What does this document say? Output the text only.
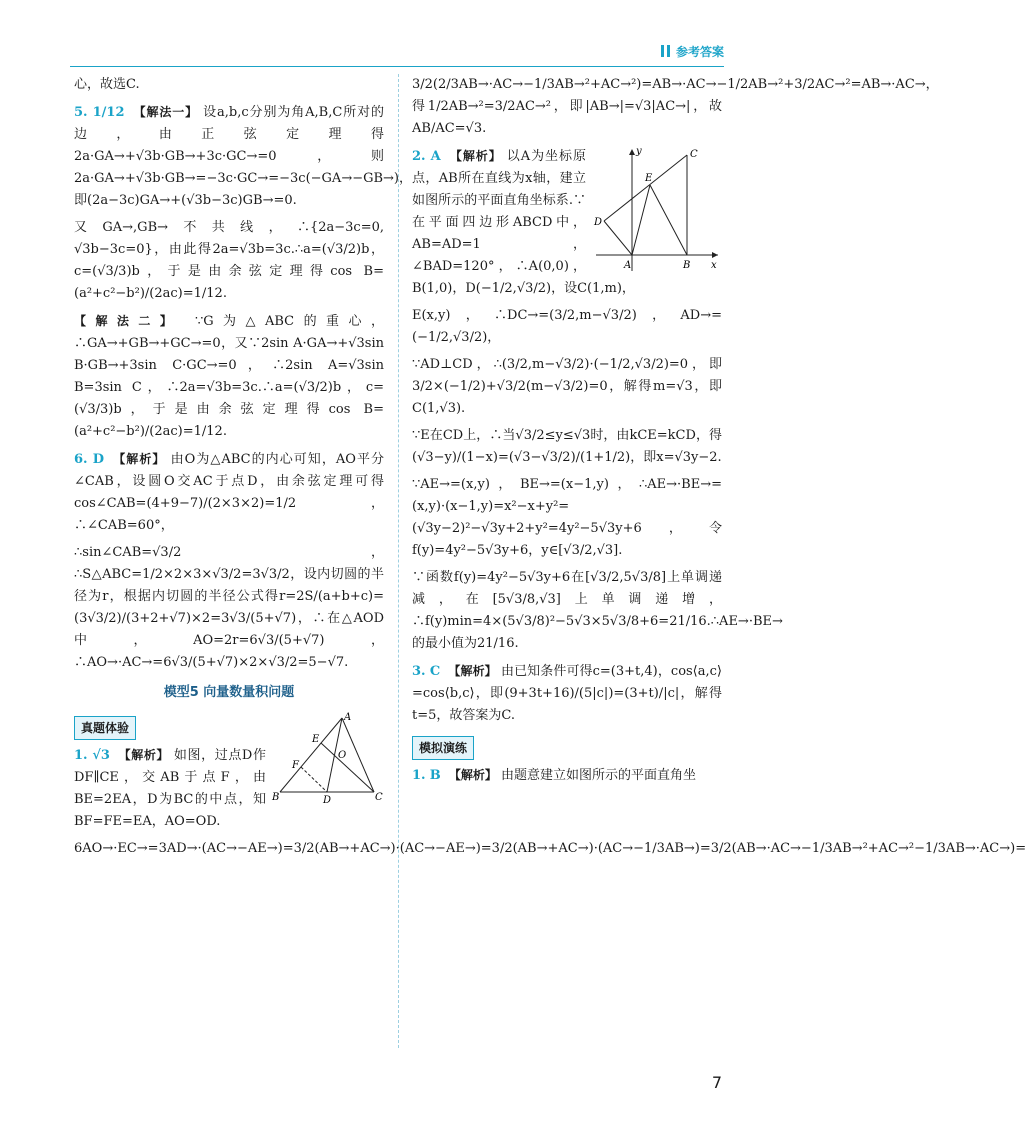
参考答案

心，故选C.

5. 1/12 【解法一】 设a,b,c分别为角A,B,C所对的边，由正弦定理得2a·GA→+√3b·GB→+3c·GC→=0，则2a·GA→+√3b·GB→=−3c·GC→=−3c(−GA→−GB→)，即(2a−3c)GA→+(√3b−3c)GB→=0.

又GA→,GB→不共线，∴{2a−3c=0, √3b−3c=0}，由此得2a=√3b=3c.∴a=(√3/2)b，c=(√3/3)b，于是由余弦定理得cos B=(a²+c²−b²)/(2ac)=1/12.

【解法二】 ∵G为△ABC的重心，∴GA→+GB→+GC→=0，又∵2sin A·GA→+√3sin B·GB→+3sin C·GC→=0，∴2sin A=√3sin B=3sin C，∴2a=√3b=3c.∴a=(√3/2)b，c=(√3/3)b，于是由余弦定理得cos B=(a²+c²−b²)/(2ac)=1/12.

6. D 【解析】 由O为△ABC的内心可知，AO平分∠CAB，设圆O交AC于点D，由余弦定理可得cos∠CAB=(4+9−7)/(2×3×2)=1/2，∴∠CAB=60°，

∴sin∠CAB=√3/2，∴S△ABC=1/2×2×3×√3/2=3√3/2，设内切圆的半径为r，根据内切圆的半径公式得r=2S/(a+b+c)=(3√3/2)/(3+2+√7)×2=3√3/(5+√7)，∴在△AOD中，AO=2r=6√3/(5+√7)，∴AO→·AC→=6√3/(5+√7)×2×√3/2=5−√7.

模型5 向量数量积问题
真题体验
A
B	C
D
E
F
O

1. √3 【解析】 如图，过点D作DF∥CE，交AB于点F，由BE=2EA，D为BC的中点，知BF=FE=EA，AO=OD.

6AO→·EC→=3AD→·(AC→−AE→)=3/2(AB→+AC→)·(AC→−AE→)=3/2(AB→+AC→)·(AC→−1/3AB→)=3/2(AB→·AC→−1/3AB→²+AC→²−1/3AB→·AC→)=

3/2(2/3AB→·AC→−1/3AB→²+AC→²)=AB→·AC→−1/2AB→²+3/2AC→²=AB→·AC→，得1/2AB→²=3/2AC→²，即|AB→|=√3|AC→|，故AB/AC=√3.

y
x
C
E
D
A	B

2. A 【解析】 以A为坐标原点，AB所在直线为x轴，建立如图所示的平面直角坐标系.∵在平面四边形ABCD中，AB=AD=1，∠BAD=120°，∴A(0,0)，B(1,0)，D(−1/2,√3/2)，设C(1,m)，

E(x,y)，∴DC→=(3/2,m−√3/2)，AD→=(−1/2,√3/2)，

∵AD⊥CD，∴(3/2,m−√3/2)·(−1/2,√3/2)=0，即3/2×(−1/2)+√3/2(m−√3/2)=0，解得m=√3，即C(1,√3).

∵E在CD上，∴当√3/2≤y≤√3时，由kCE=kCD，得(√3−y)/(1−x)=(√3−√3/2)/(1+1/2)，即x=√3y−2.

∵AE→=(x,y)，BE→=(x−1,y)，∴AE→·BE→=(x,y)·(x−1,y)=x²−x+y²=(√3y−2)²−√3y+2+y²=4y²−5√3y+6，令f(y)=4y²−5√3y+6，y∈[√3/2,√3].

∵函数f(y)=4y²−5√3y+6在[√3/2,5√3/8]上单调递减，在[5√3/8,√3]上单调递增，∴f(y)min=4×(5√3/8)²−5√3×5√3/8+6=21/16.∴AE→·BE→的最小值为21/16.

3. C 【解析】 由已知条件可得c=(3+t,4)，cos⟨a,c⟩=cos⟨b,c⟩，即(9+3t+16)/(5|c|)=(3+t)/|c|，解得t=5，故答案为C.

模拟演练

1. B 【解析】 由题意建立如图所示的平面直角坐

7
